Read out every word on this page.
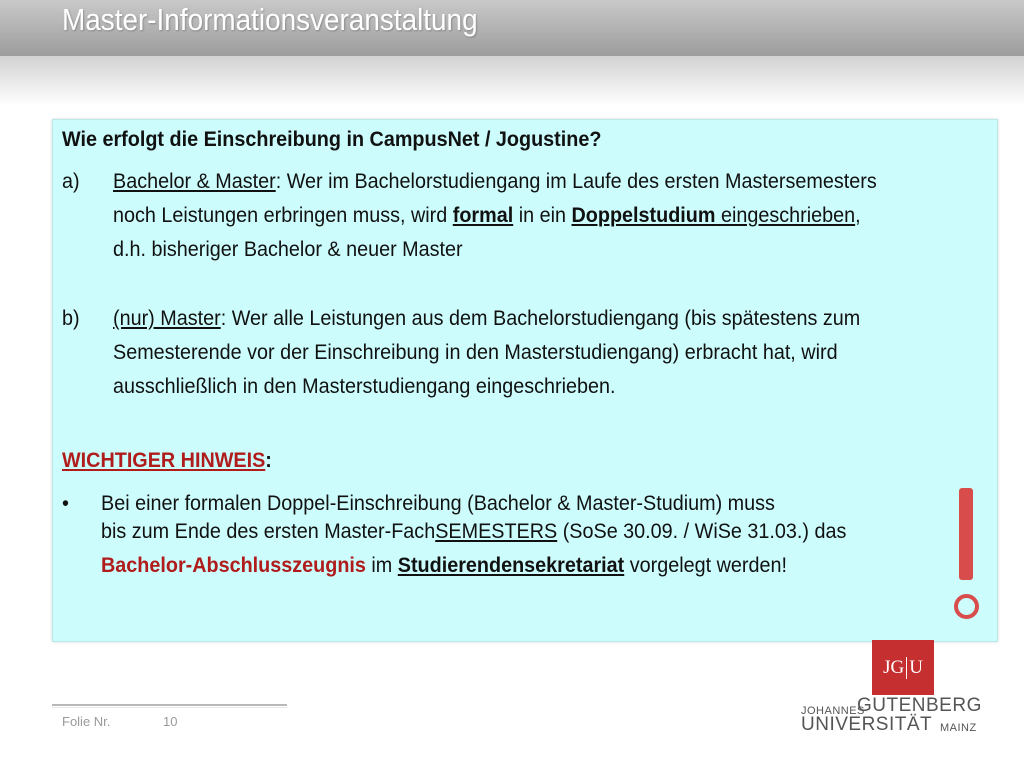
Master-Informationsveranstaltung
Wie erfolgt die Einschreibung in CampusNet / Jogustine?
a) Bachelor & Master: Wer im Bachelorstudiengang im Laufe des ersten Mastersemesters
noch Leistungen erbringen muss, wird formal in ein Doppelstudium eingeschrieben,
d.h. bisheriger Bachelor & neuer Master
b) (nur) Master: Wer alle Leistungen aus dem Bachelorstudiengang (bis spätestens zum
Semesterende vor der Einschreibung in den Masterstudiengang) erbracht hat, wird
ausschließlich in den Masterstudiengang eingeschrieben.
WICHTIGER HINWEIS:
• Bei einer formalen Doppel-Einschreibung (Bachelor & Master-Studium) muss
bis zum Ende des ersten Master-FachSEMESTERS (SoSe 30.09. / WiSe 31.03.) das
Bachelor-Abschlusszeugnis im Studierendensekretariat vorgelegt werden!
Folie Nr.	10
JG U
JOHANNES
GUTENBERG
UNIVERSITÄT MAINZ
